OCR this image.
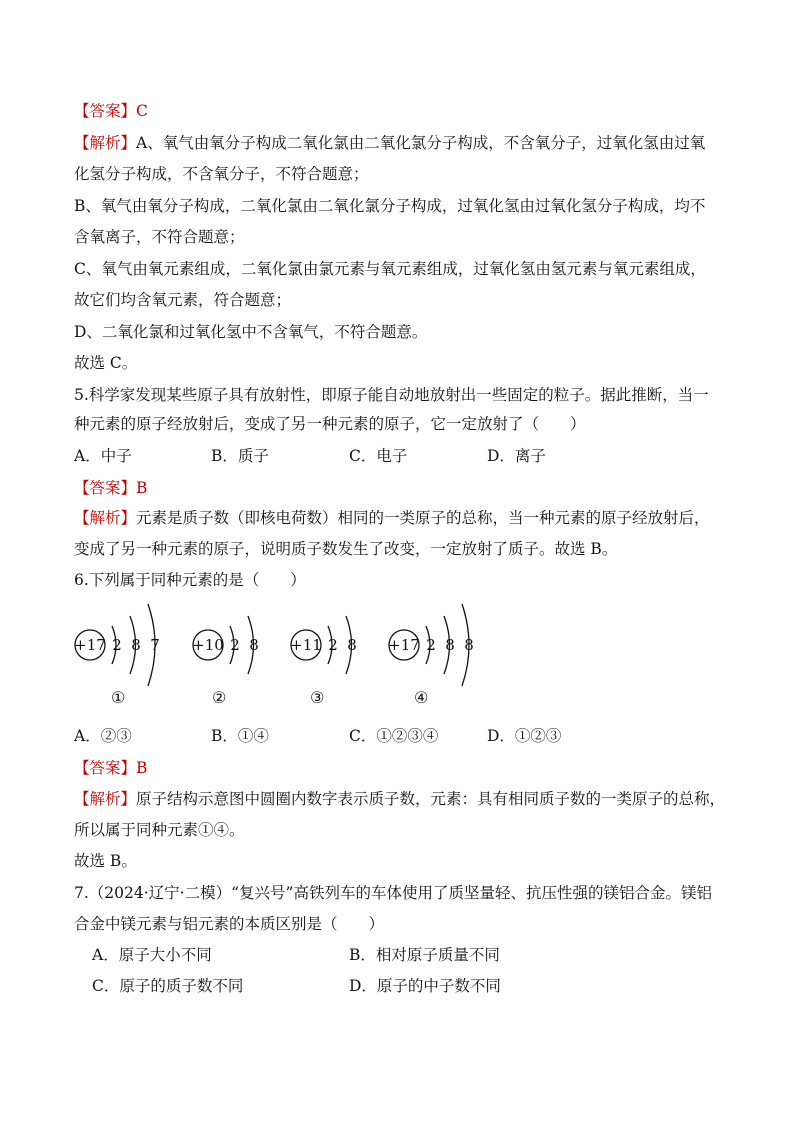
【答案】C
【解析】A、氧气由氧分子构成二氧化氯由二氧化氯分子构成，不含氧分子，过氧化氢由过氧
化氢分子构成，不含氧分子，不符合题意；
B、氧气由氧分子构成，二氧化氯由二氧化氯分子构成，过氧化氢由过氧化氢分子构成，均不
含氧离子，不符合题意；
C、氧气由氧元素组成，二氧化氯由氯元素与氧元素组成，过氧化氢由氢元素与氧元素组成，
故它们均含氧元素，符合题意；
D、二氧化氯和过氧化氢中不含氧气，不符合题意。
故选 C。
5.科学家发现某些原子具有放射性，即原子能自动地放射出一些固定的粒子。据此推断，当一
种元素的原子经放射后，变成了另一种元素的原子，它一定放射了（　　）
A．中子	B．质子	C．电子	D．离子
【答案】B
【解析】元素是质子数（即核电荷数）相同的一类原子的总称，当一种元素的原子经放射后，
变成了另一种元素的原子，说明质子数发生了改变，一定放射了质子。故选 B。
6.下列属于同种元素的是（　　）
+17 2 8 7 +10 2 8 +11 2 8 +17 2 8 8
①	②	③	④
A．②③	B．①④	C．①②③④	D．①②③
【答案】B
【解析】原子结构示意图中圆圈内数字表示质子数，元素：具有相同质子数的一类原子的总称，
所以属于同种元素①④。
故选 B。
7.（2024·辽宁·二模）“复兴号”高铁列车的车体使用了质坚量轻、抗压性强的镁铝合金。镁铝
合金中镁元素与铝元素的本质区别是（　　）
A．原子大小不同	B．相对原子质量不同
C．原子的质子数不同	D．原子的中子数不同
